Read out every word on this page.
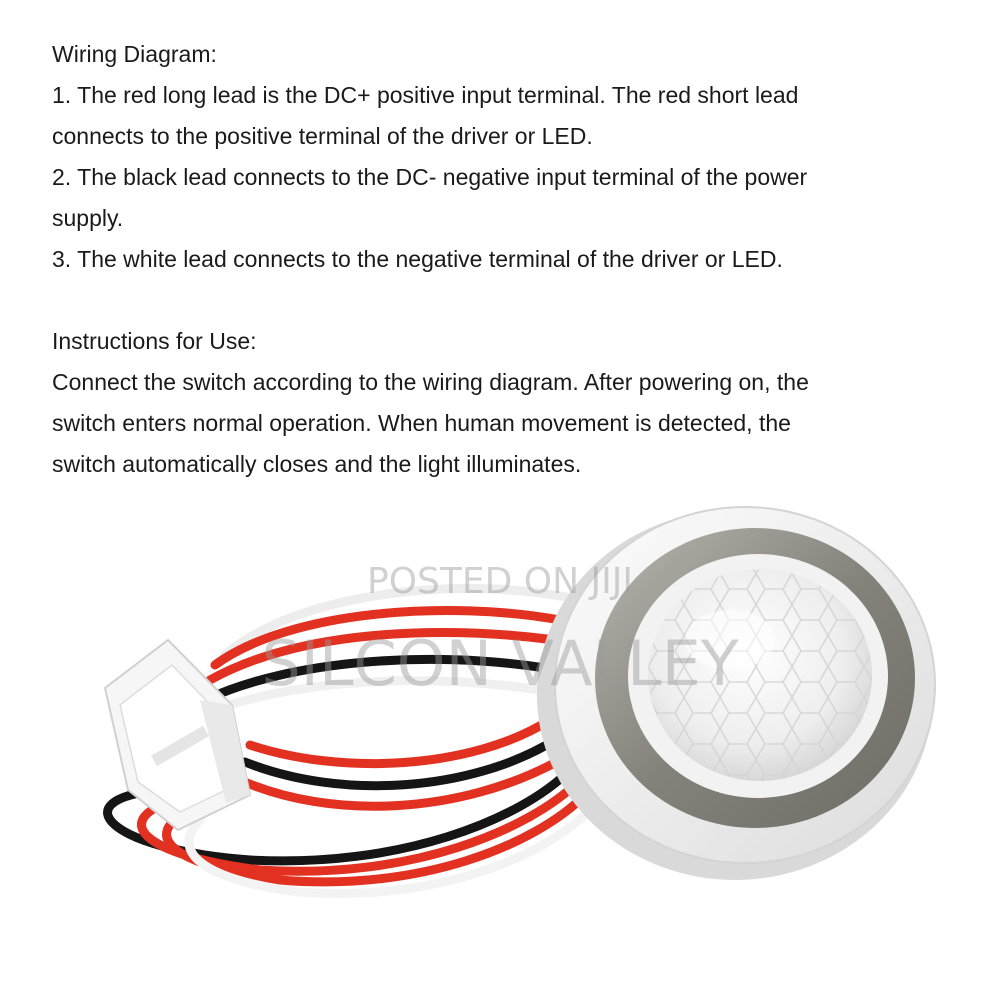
Wiring Diagram:

1. The red long lead is the DC+ positive input terminal. The red short lead

connects to the positive terminal of the driver or LED.

2. The black lead connects to the DC- negative input terminal of the power

supply.

3. The white lead connects to the negative terminal of the driver or LED.

Instructions for Use:

Connect the switch according to the wiring diagram. After powering on, the

switch enters normal operation. When human movement is detected, the

switch automatically closes and the light illuminates.

POSTED ON JIJI
SILCON VALLEY
